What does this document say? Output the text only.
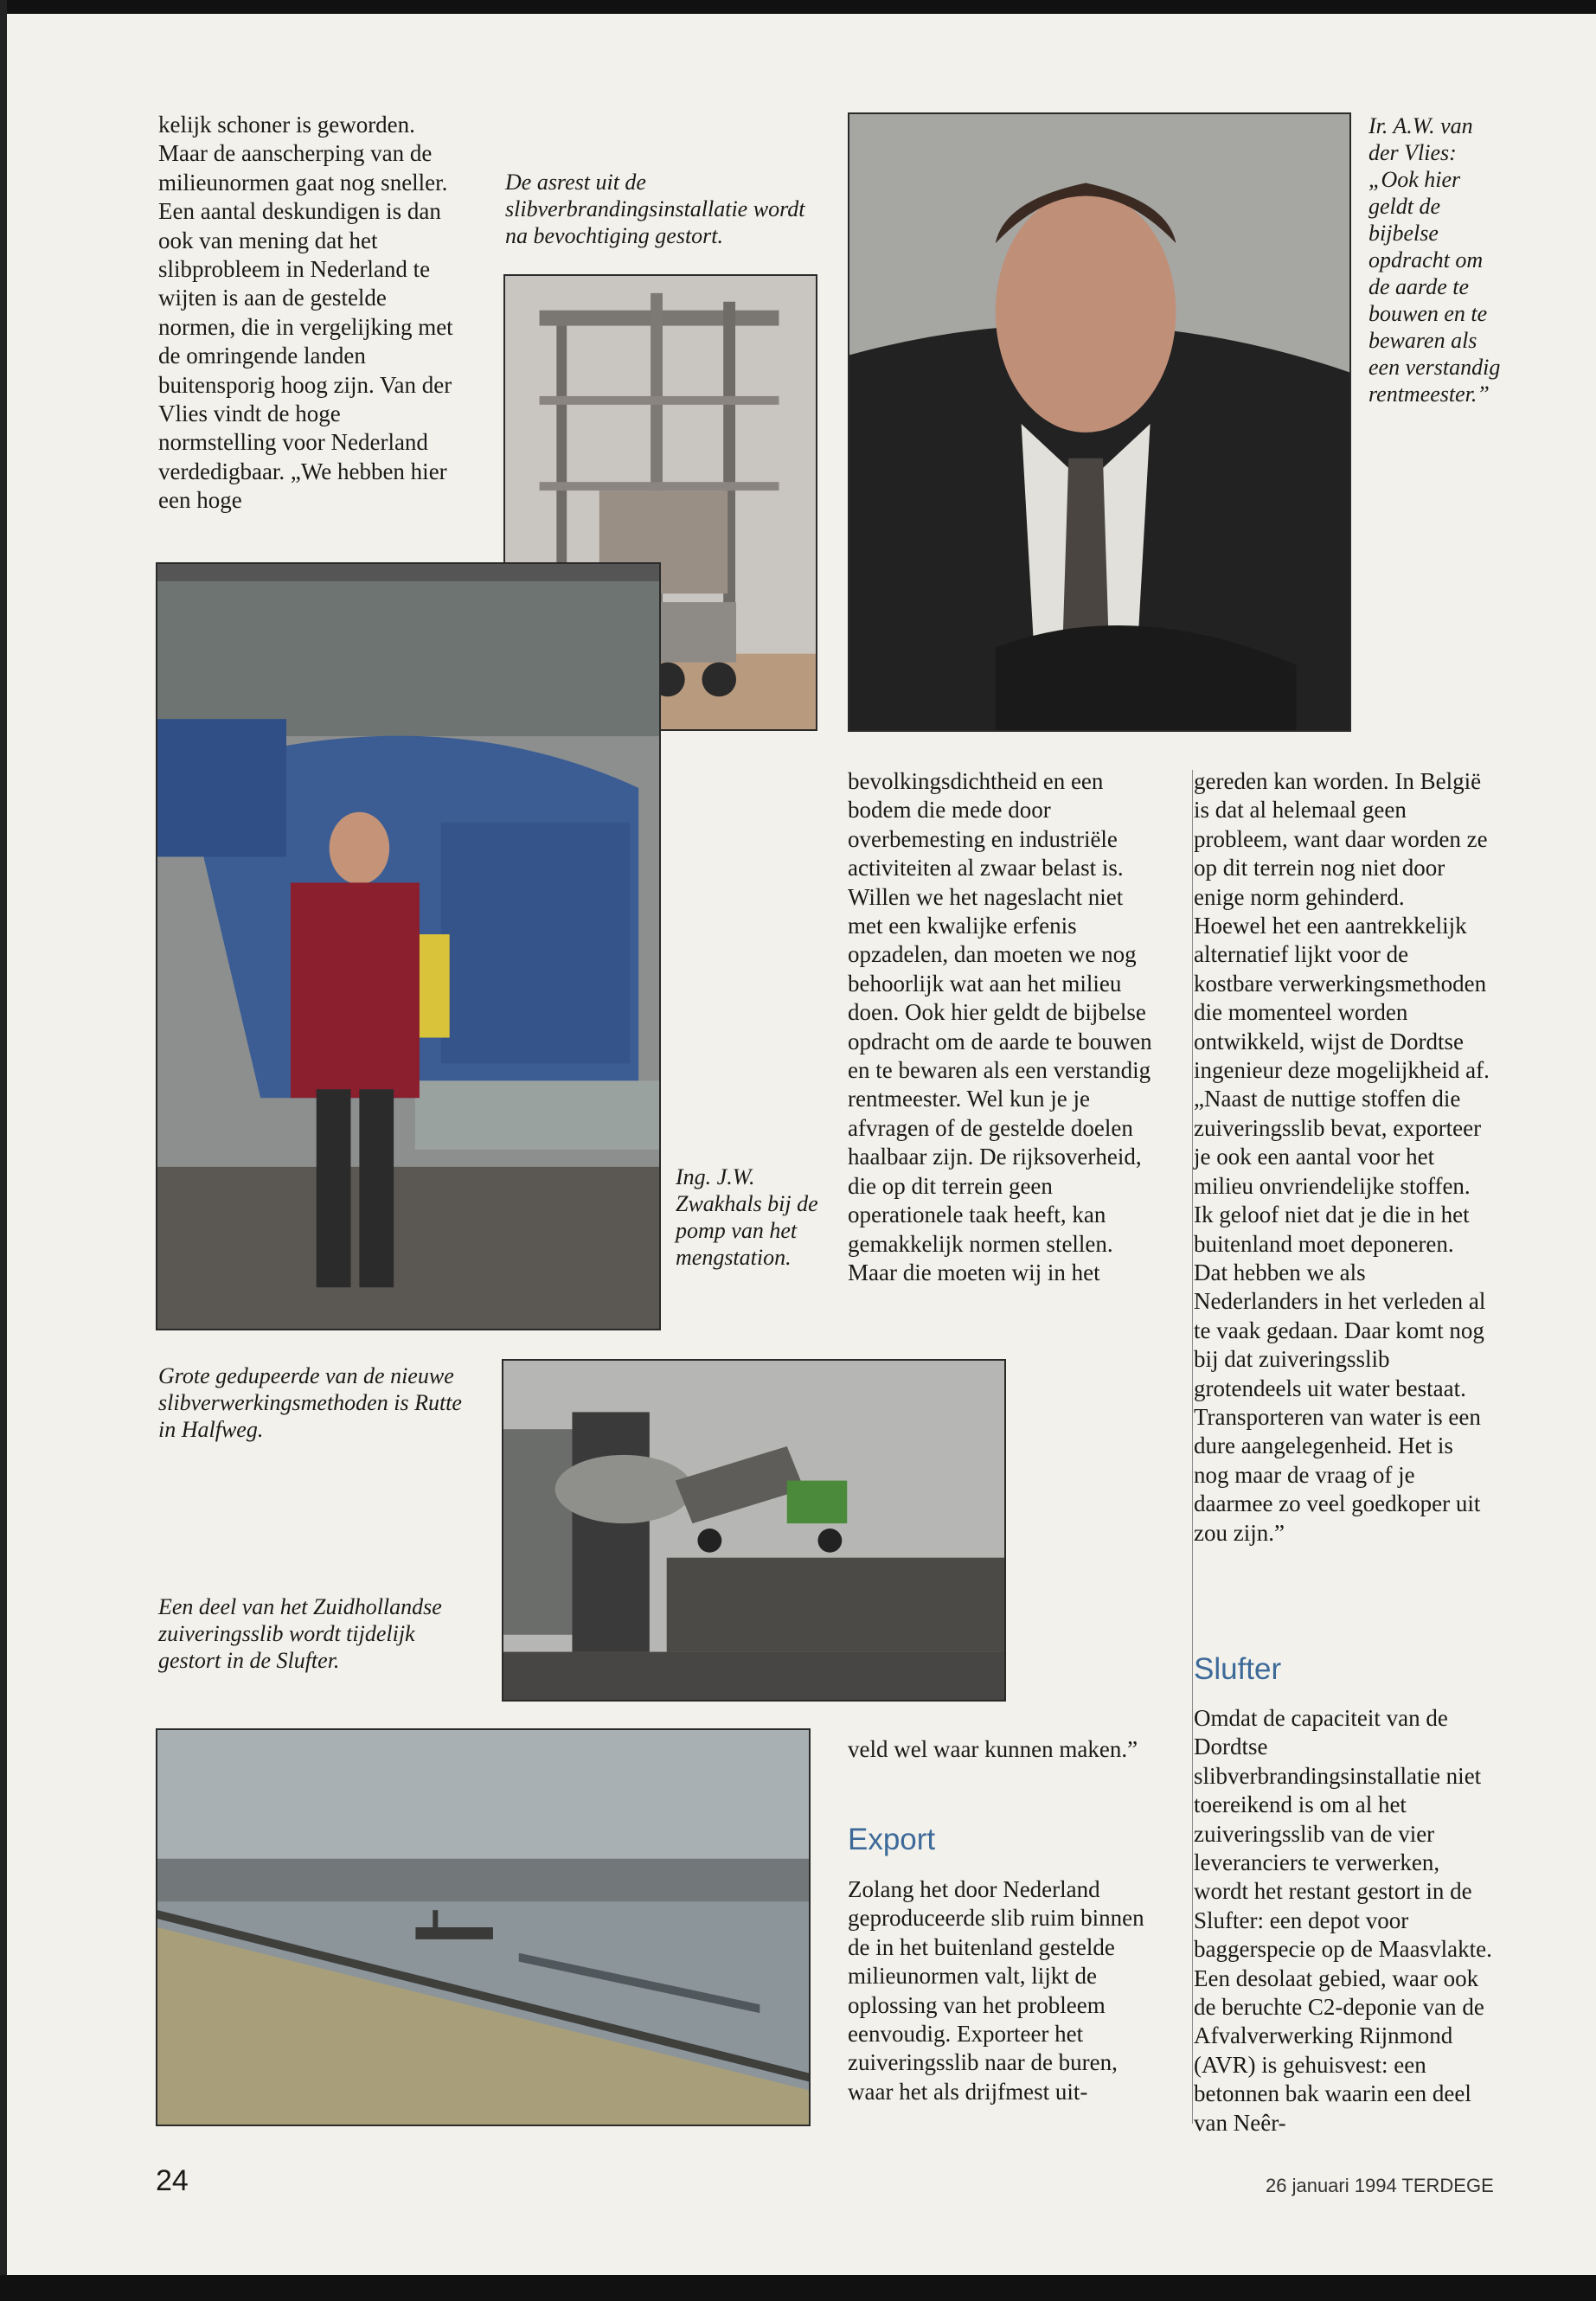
kelijk schoner is geworden. Maar de aanscherping van de milieunormen gaat nog sneller. Een aantal deskundigen is dan ook van mening dat het slibprobleem in Nederland te wijten is aan de gestelde normen, die in vergelijking met de omringende landen buitensporig hoog zijn. Van der Vlies vindt de hoge normstelling voor Nederland verdedigbaar. „We hebben hier een hoge

De asrest uit de slibverbrandingsinstallatie wordt na bevochtiging gestort.
Ir. A.W. van der Vlies: „Ook hier geldt de bijbelse opdracht om de aarde te bouwen en te bewaren als een verstandig rentmeester.”
Ing. J.W. Zwakhals bij de pomp van het mengstation.

bevolkingsdichtheid en een bodem die mede door overbemesting en industriële activiteiten al zwaar belast is. Willen we het nageslacht niet met een kwalijke erfenis opzadelen, dan moeten we nog behoorlijk wat aan het milieu doen. Ook hier geldt de bijbelse opdracht om de aarde te bouwen en te bewaren als een verstandig rentmeester. Wel kun je je afvragen of de gestelde doelen haalbaar zijn. De rijksoverheid, die op dit terrein geen operationele taak heeft, kan gemakkelijk normen stellen. Maar die moeten wij in het

gereden kan worden. In België is dat al helemaal geen probleem, want daar worden ze op dit terrein nog niet door enige norm gehinderd.

Hoewel het een aantrekkelijk alternatief lijkt voor de kostbare verwerkingsmethoden die momenteel worden ontwikkeld, wijst de Dordtse ingenieur deze mogelijkheid af. „Naast de nuttige stoffen die zuiveringsslib bevat, exporteer je ook een aantal voor het milieu onvriendelijke stoffen. Ik geloof niet dat je die in het buitenland moet deponeren. Dat hebben we als Nederlanders in het verleden al te vaak gedaan. Daar komt nog bij dat zuiveringsslib grotendeels uit water bestaat. Transporteren van water is een dure aangelegenheid. Het is nog maar de vraag of je daarmee zo veel goedkoper uit zou zijn.”

Slufter

Omdat de capaciteit van de Dordtse slibverbrandingsinstallatie niet toereikend is om al het zuiveringsslib van de vier leveranciers te verwerken, wordt het restant gestort in de Slufter: een depot voor baggerspecie op de Maasvlakte. Een desolaat gebied, waar ook de beruchte C2-deponie van de Afvalverwerking Rijnmond (AVR) is gehuisvest: een betonnen bak waarin een deel van Neêr-

Grote gedupeerde van de nieuwe slibverwerkingsmethoden is Rutte in Halfweg.
Een deel van het Zuidhollandse zuiveringsslib wordt tijdelijk gestort in de Slufter.

veld wel waar kunnen maken.”

Export

Zolang het door Nederland geproduceerde slib ruim binnen de in het buitenland gestelde milieunormen valt, lijkt de oplossing van het probleem eenvoudig. Exporteer het zuiveringsslib naar de buren, waar het als drijfmest uit-

24	26 januari 1994 TERDEGE
